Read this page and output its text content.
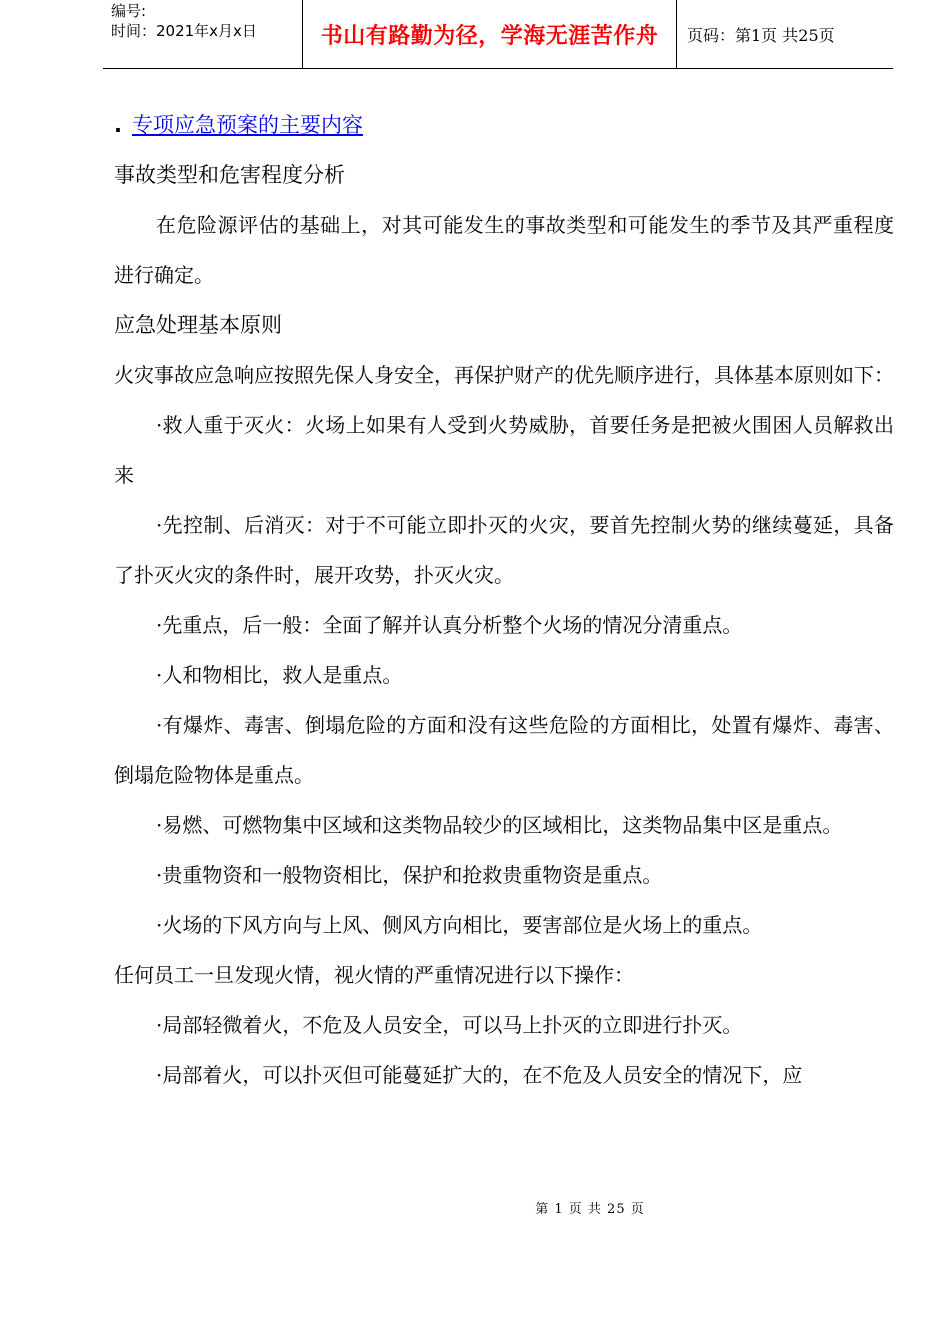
编号:
时间：2021年x月x日	书山有路勤为径，学海无涯苦作舟	页码：第1页 共25页
. 专项应急预案的主要内容
事故类型和危害程度分析
在危险源评估的基础上，对其可能发生的事故类型和可能发生的季节及其严重程度进行确定。
应急处理基本原则
火灾事故应急响应按照先保人身安全，再保护财产的优先顺序进行，具体基本原则如下：
·救人重于灭火：火场上如果有人受到火势威胁，首要任务是把被火围困人员解救出来
·先控制、后消灭：对于不可能立即扑灭的火灾，要首先控制火势的继续蔓延，具备了扑灭火灾的条件时，展开攻势，扑灭火灾。
·先重点，后一般：全面了解并认真分析整个火场的情况分清重点。
·人和物相比，救人是重点。
·有爆炸、毒害、倒塌危险的方面和没有这些危险的方面相比，处置有爆炸、毒害、倒塌危险物体是重点。
·易燃、可燃物集中区域和这类物品较少的区域相比，这类物品集中区是重点。
·贵重物资和一般物资相比，保护和抢救贵重物资是重点。
·火场的下风方向与上风、侧风方向相比，要害部位是火场上的重点。
任何员工一旦发现火情，视火情的严重情况进行以下操作：
·局部轻微着火，不危及人员安全，可以马上扑灭的立即进行扑灭。
·局部着火，可以扑灭但可能蔓延扩大的，在不危及人员安全的情况下，应
第 1 页 共 25 页
